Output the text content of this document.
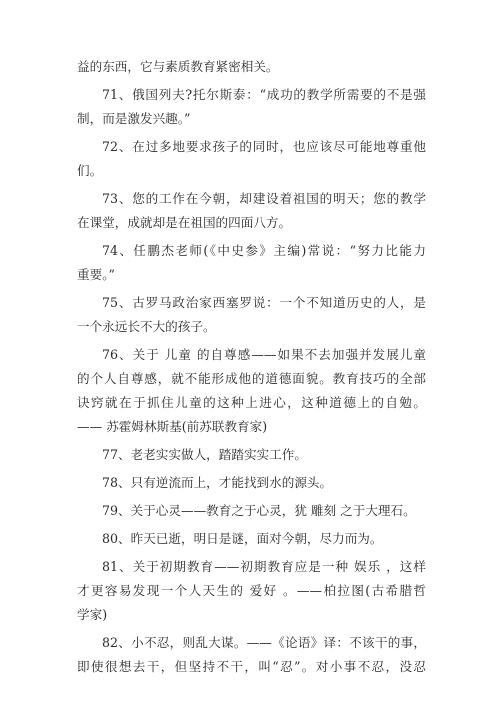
益的东西，它与素质教育紧密相关。

71、俄国列夫?托尔斯泰：“成功的教学所需要的不是强
制，而是激发兴趣。”

72、在过多地要求孩子的同时，也应该尽可能地尊重他
们。

73、您的工作在今朝，却建设着祖国的明天；您的教学
在课堂，成就却是在祖国的四面八方。

74、任鹏杰老师(《中史参》主编)常说：“努力比能力
重要。”

75、古罗马政治家西塞罗说：一个不知道历史的人，是
一个永远长不大的孩子。

76、关于 儿童 的自尊感——如果不去加强并发展儿童
的个人自尊感，就不能形成他的道德面貌。教育技巧的全部
诀窍就在于抓住儿童的这种上进心，这种道德上的自勉。
—— 苏霍姆林斯基(前苏联教育家)

77、老老实实做人，踏踏实实工作。

78、只有逆流而上，才能找到水的源头。

79、关于心灵——教育之于心灵，犹 雕刻 之于大理石。

80、昨天已逝，明日是谜，面对今朝，尽力而为。

81、关于初期教育——初期教育应是一种 娱乐 ，这样
才更容易发现一个人天生的 爱好 。——柏拉图(古希腊哲
学家)

82、小不忍，则乱大谋。——《论语》译：不该干的事，
即使很想去干，但坚持不干，叫“忍”。对小事不忍，没忍
